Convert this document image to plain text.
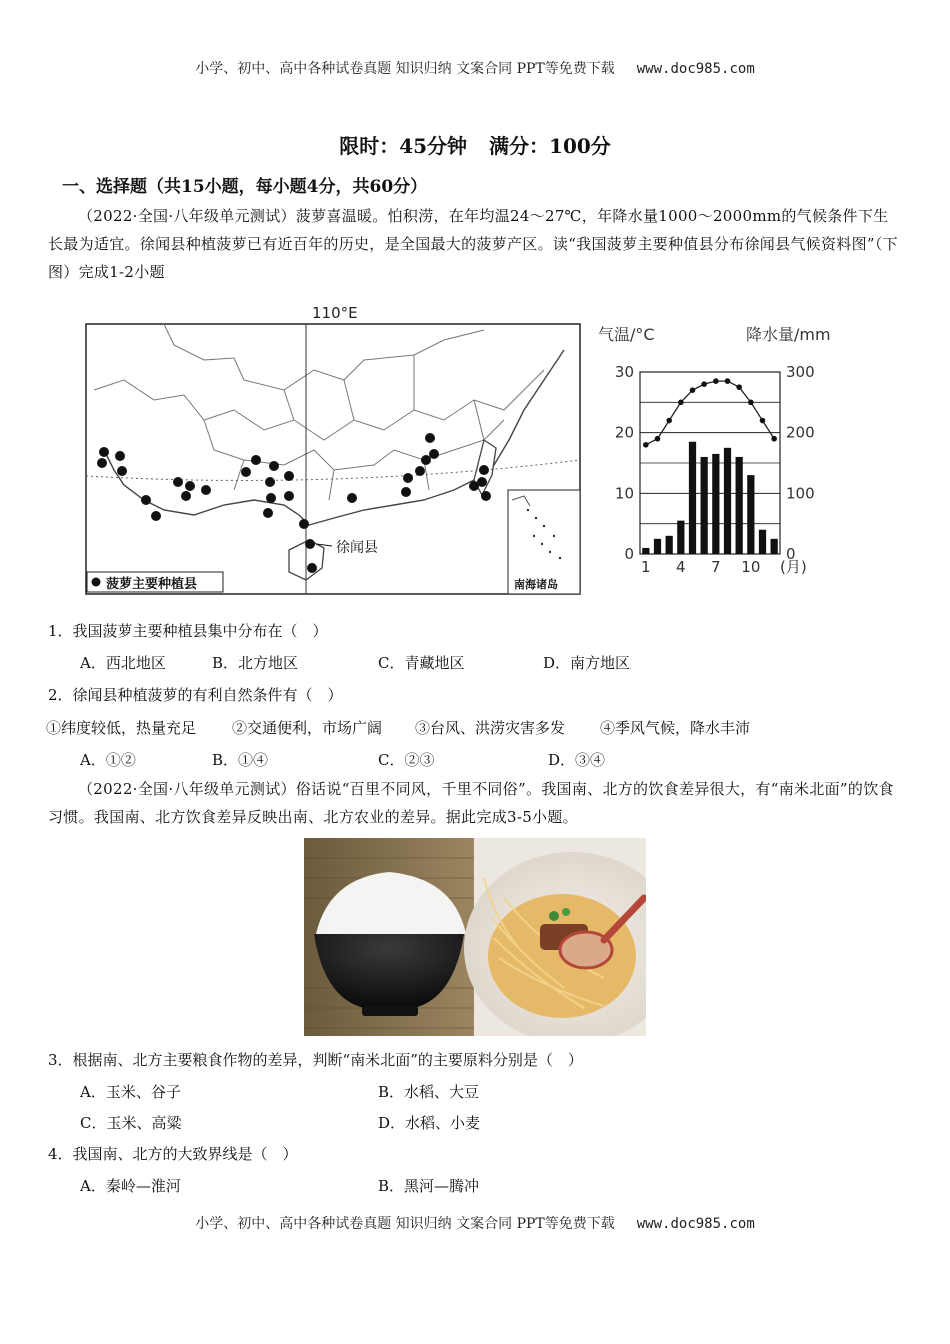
小学、初中、高中各种试卷真题 知识归纳 文案合同 PPT等免费下载 www.doc985.com
限时：45分钟 满分：100分
一、选择题（共15小题，每小题4分，共60分）
（2022·全国·八年级单元测试）菠萝喜温暖。怕积涝，在年均温24～27℃，年降水量1000～2000mm的气候条件下生长最为适宜。徐闻县种植菠萝已有近百年的历史，是全国最大的菠萝产区。读“我国菠萝主要种值县分布徐闻县气候资料图”（下图）完成1-2小题
110°E
徐闻县
菠萝主要种植县	南海诸岛
气温/°C	降水量/mm
0
10
20
30
0
100
200
300
1 4 7 10 (月)
1．我国菠萝主要种植县集中分布在（　）
A．西北地区	B．北方地区	C．青藏地区	D．南方地区
2．徐闻县种植菠萝的有利自然条件有（　）
①纬度较低，热量充足 ②交通便利，市场广阔 ③台风、洪涝灾害多发 ④季风气候，降水丰沛
A．①②	B．①④	C．②③	D．③④
（2022·全国·八年级单元测试）俗话说“百里不同风，千里不同俗”。我国南、北方的饮食差异很大，有“南米北面”的饮食习惯。我国南、北方饮食差异反映出南、北方农业的差异。据此完成3-5小题。
3．根据南、北方主要粮食作物的差异，判断“南米北面”的主要原料分别是（　）
A．玉米、谷子	B．水稻、大豆
C．玉米、高粱	D．水稻、小麦
4．我国南、北方的大致界线是（　）
A．秦岭—淮河	B．黑河—腾冲
小学、初中、高中各种试卷真题 知识归纳 文案合同 PPT等免费下载 www.doc985.com
